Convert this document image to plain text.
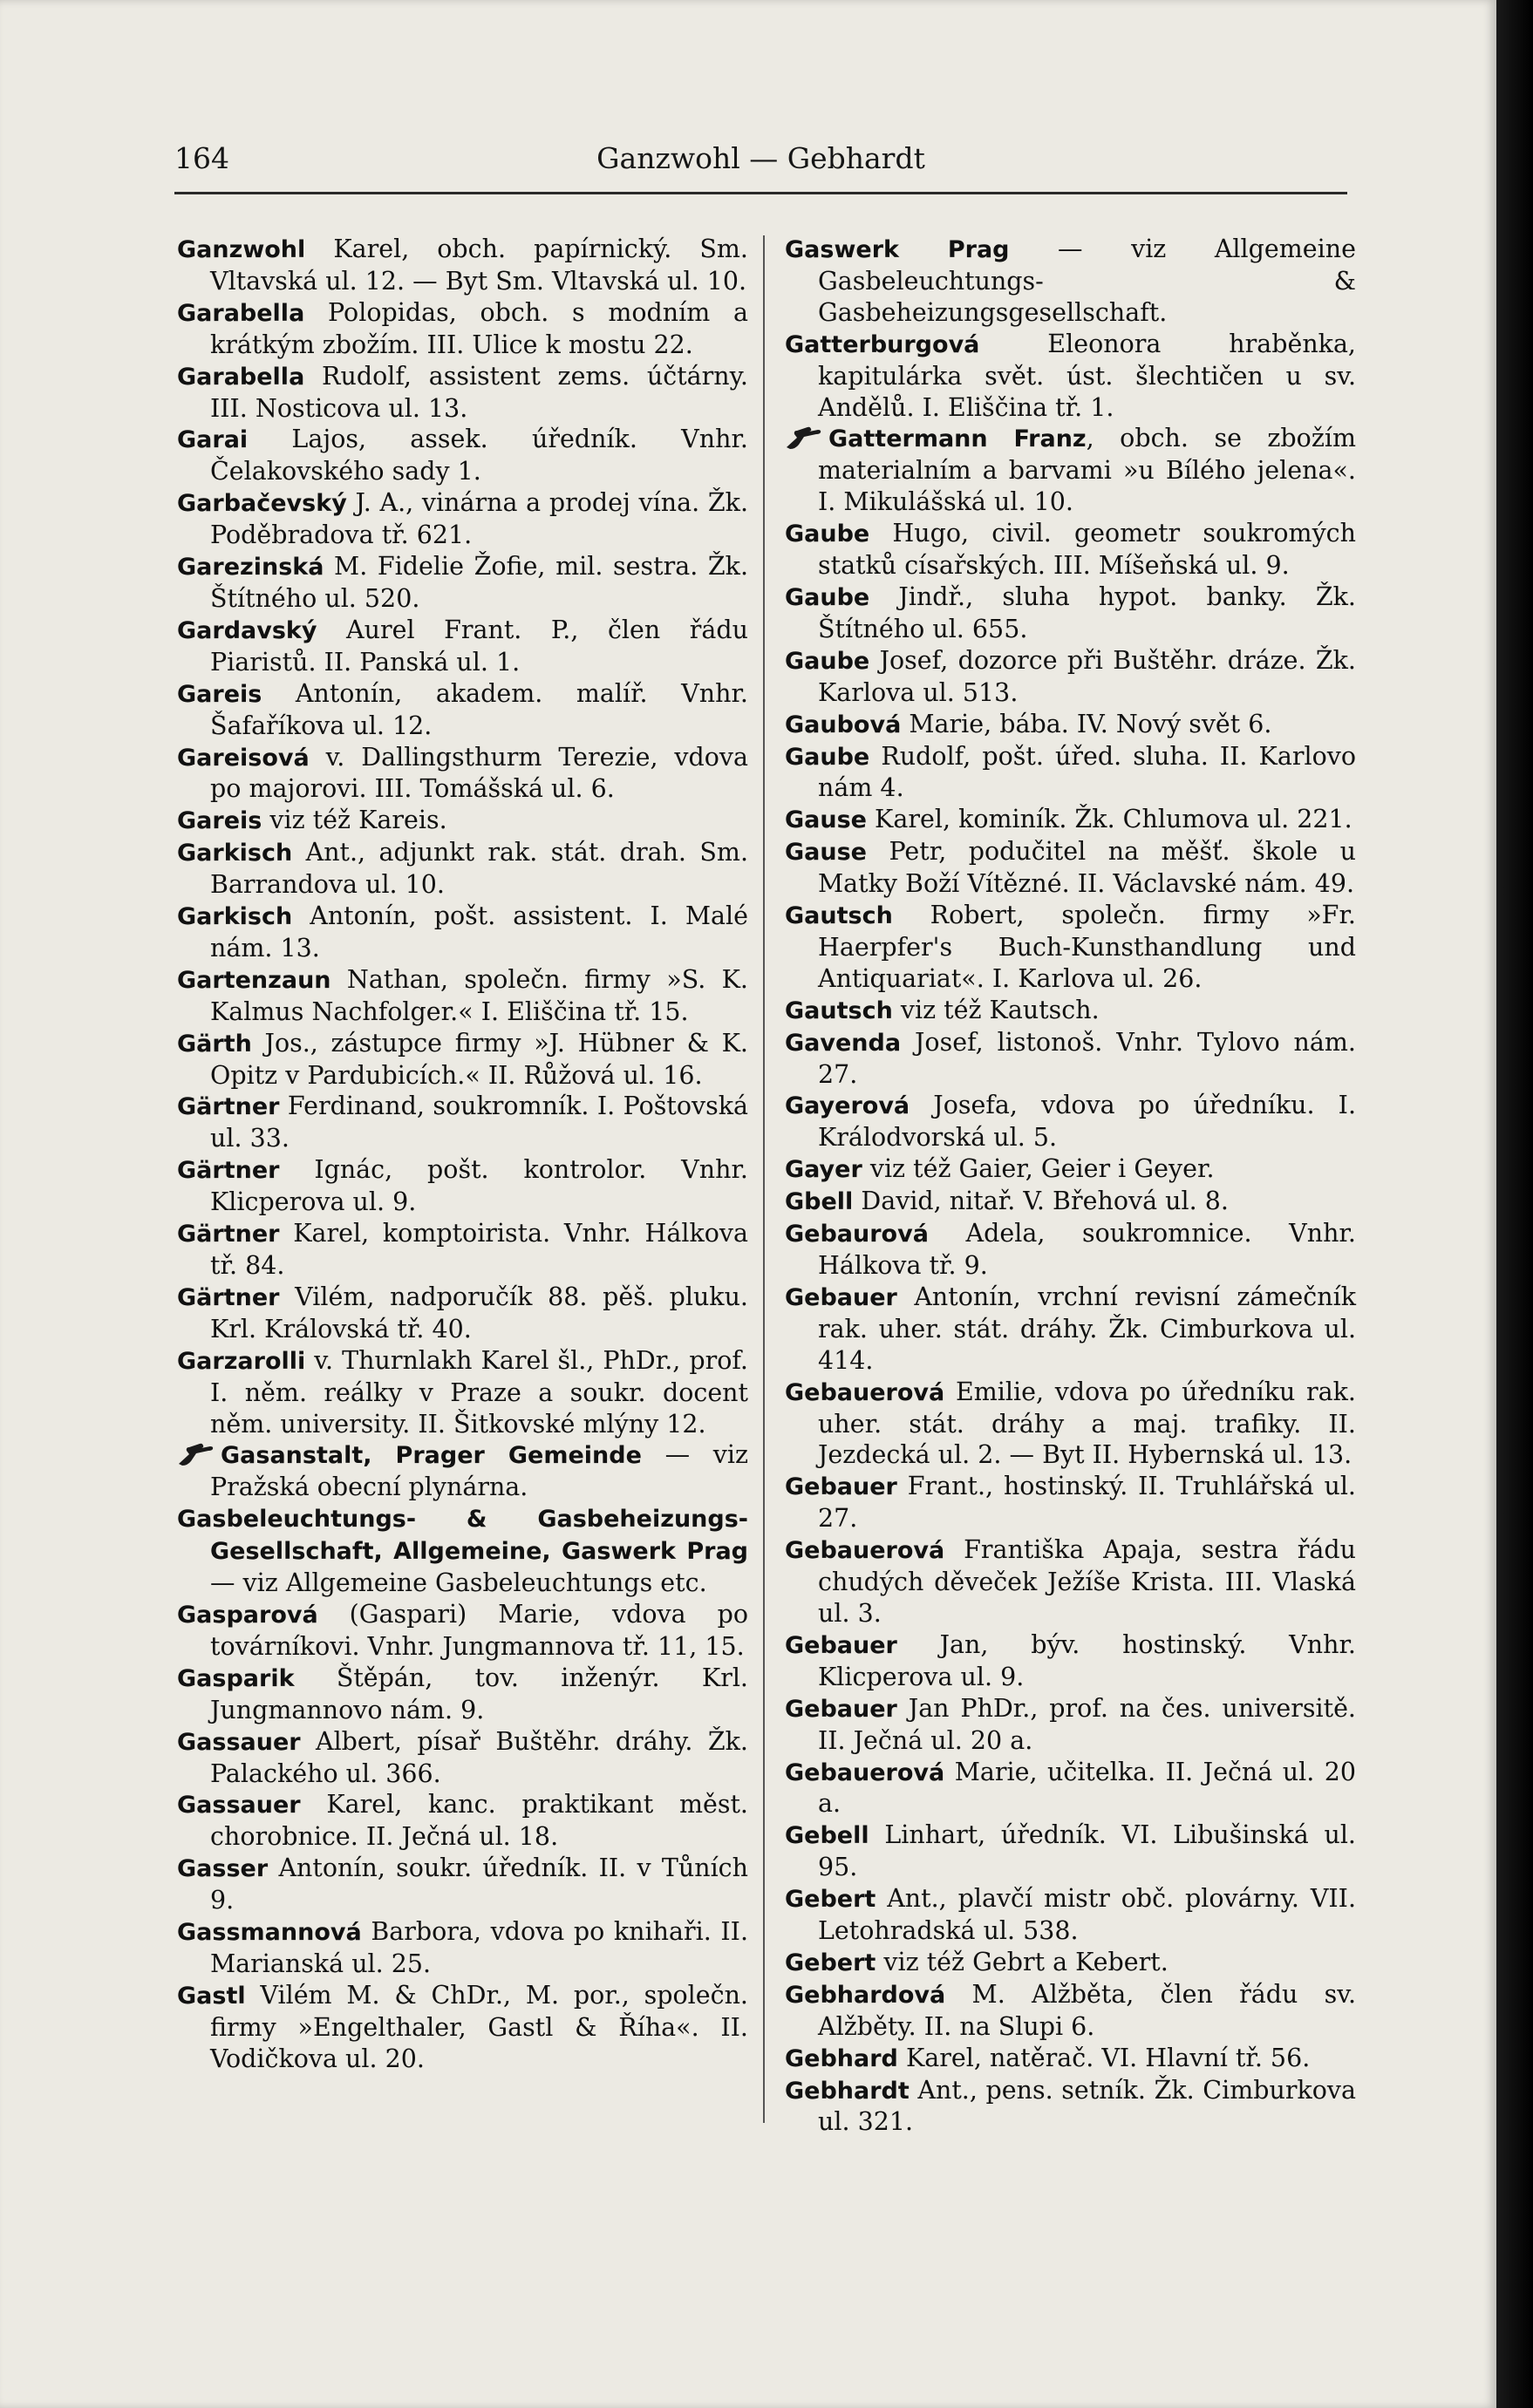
164	Ganzwohl — Gebhardt

Ganzwohl Karel, obch. papírnický. Sm. Vltavská ul. 12. — Byt Sm. Vltavská ul. 10.

Garabella Polopidas, obch. s modním a krátkým zbožím. III. Ulice k mostu 22.

Garabella Rudolf, assistent zems. účtárny. III. Nosticova ul. 13.

Garai Lajos, assek. úředník. Vnhr. Čelakovského sady 1.

Garbačevský J. A., vinárna a prodej vína. Žk. Poděbradova tř. 621.

Garezinská M. Fidelie Žofie, mil. sestra. Žk. Štítného ul. 520.

Gardavský Aurel Frant. P., člen řádu Piaristů. II. Panská ul. 1.

Gareis Antonín, akadem. malíř. Vnhr. Šafaříkova ul. 12.

Gareisová v. Dallingsthurm Terezie, vdova po majorovi. III. Tomášská ul. 6.

Gareis viz též Kareis.

Garkisch Ant., adjunkt rak. stát. drah. Sm. Barrandova ul. 10.

Garkisch Antonín, pošt. assistent. I. Malé nám. 13.

Gartenzaun Nathan, společn. firmy »S. K. Kalmus Nachfolger.« I. Eliščina tř. 15.

Gärth Jos., zástupce firmy »J. Hübner & K. Opitz v Pardubicích.« II. Růžová ul. 16.

Gärtner Ferdinand, soukromník. I. Poštovská ul. 33.

Gärtner Ignác, pošt. kontrolor. Vnhr. Klicperova ul. 9.

Gärtner Karel, komptoirista. Vnhr. Hálkova tř. 84.

Gärtner Vilém, nadporučík 88. pěš. pluku. Krl. Královská tř. 40.

Garzarolli v. Thurnlakh Karel šl., PhDr., prof. I. něm. reálky v Praze a soukr. docent něm. university. II. Šitkovské mlýny 12.

Gasanstalt, Prager Gemeinde — viz Pražská obecní plynárna.

Gasbeleuchtungs- & Gasbeheizungs-Gesellschaft, Allgemeine, Gaswerk Prag — viz Allgemeine Gasbeleuchtungs etc.

Gasparová (Gaspari) Marie, vdova po továrníkovi. Vnhr. Jungmannova tř. 11, 15.

Gasparik Štěpán, tov. inženýr. Krl. Jungmannovo nám. 9.

Gassauer Albert, písař Buštěhr. dráhy. Žk. Palackého ul. 366.

Gassauer Karel, kanc. praktikant měst. chorobnice. II. Ječná ul. 18.

Gasser Antonín, soukr. úředník. II. v Tůních 9.

Gassmannová Barbora, vdova po knihaři. II. Marianská ul. 25.

Gastl Vilém M. & ChDr., M. por., společn. firmy »Engelthaler, Gastl & Říha«. II. Vodičkova ul. 20.

Gaswerk Prag — viz Allgemeine Gasbeleuchtungs- & Gasbeheizungsgesellschaft.

Gatterburgová Eleonora hraběnka, kapitulárka svět. úst. šlechtičen u sv. Andělů. I. Eliščina tř. 1.

Gattermann Franz, obch. se zbožím materialním a barvami »u Bílého jelena«. I. Mikulášská ul. 10.

Gaube Hugo, civil. geometr soukromých statků císařských. III. Míšeňská ul. 9.

Gaube Jindř., sluha hypot. banky. Žk. Štítného ul. 655.

Gaube Josef, dozorce při Buštěhr. dráze. Žk. Karlova ul. 513.

Gaubová Marie, bába. IV. Nový svět 6.

Gaube Rudolf, pošt. úřed. sluha. II. Karlovo nám 4.

Gause Karel, kominík. Žk. Chlumova ul. 221.

Gause Petr, podučitel na měšť. škole u Matky Boží Vítězné. II. Václavské nám. 49.

Gautsch Robert, společn. firmy »Fr. Haerpfer's Buch-Kunsthandlung und Antiquariat«. I. Karlova ul. 26.

Gautsch viz též Kautsch.

Gavenda Josef, listonoš. Vnhr. Tylovo nám. 27.

Gayerová Josefa, vdova po úředníku. I. Králodvorská ul. 5.

Gayer viz též Gaier, Geier i Geyer.

Gbell David, nitař. V. Břehová ul. 8.

Gebaurová Adela, soukromnice. Vnhr. Hálkova tř. 9.

Gebauer Antonín, vrchní revisní zámečník rak. uher. stát. dráhy. Žk. Cimburkova ul. 414.

Gebauerová Emilie, vdova po úředníku rak. uher. stát. dráhy a maj. trafiky. II. Jezdecká ul. 2. — Byt II. Hybernská ul. 13.

Gebauer Frant., hostinský. II. Truhlářská ul. 27.

Gebauerová Františka Apaja, sestra řádu chudých děveček Ježíše Krista. III. Vlaská ul. 3.

Gebauer Jan, býv. hostinský. Vnhr. Klicperova ul. 9.

Gebauer Jan PhDr., prof. na čes. universitě. II. Ječná ul. 20 a.

Gebauerová Marie, učitelka. II. Ječná ul. 20 a.

Gebell Linhart, úředník. VI. Libušinská ul. 95.

Gebert Ant., plavčí mistr obč. plovárny. VII. Letohradská ul. 538.

Gebert viz též Gebrt a Kebert.

Gebhardová M. Alžběta, člen řádu sv. Alžběty. II. na Slupi 6.

Gebhard Karel, natěrač. VI. Hlavní tř. 56.

Gebhardt Ant., pens. setník. Žk. Cimburkova ul. 321.
